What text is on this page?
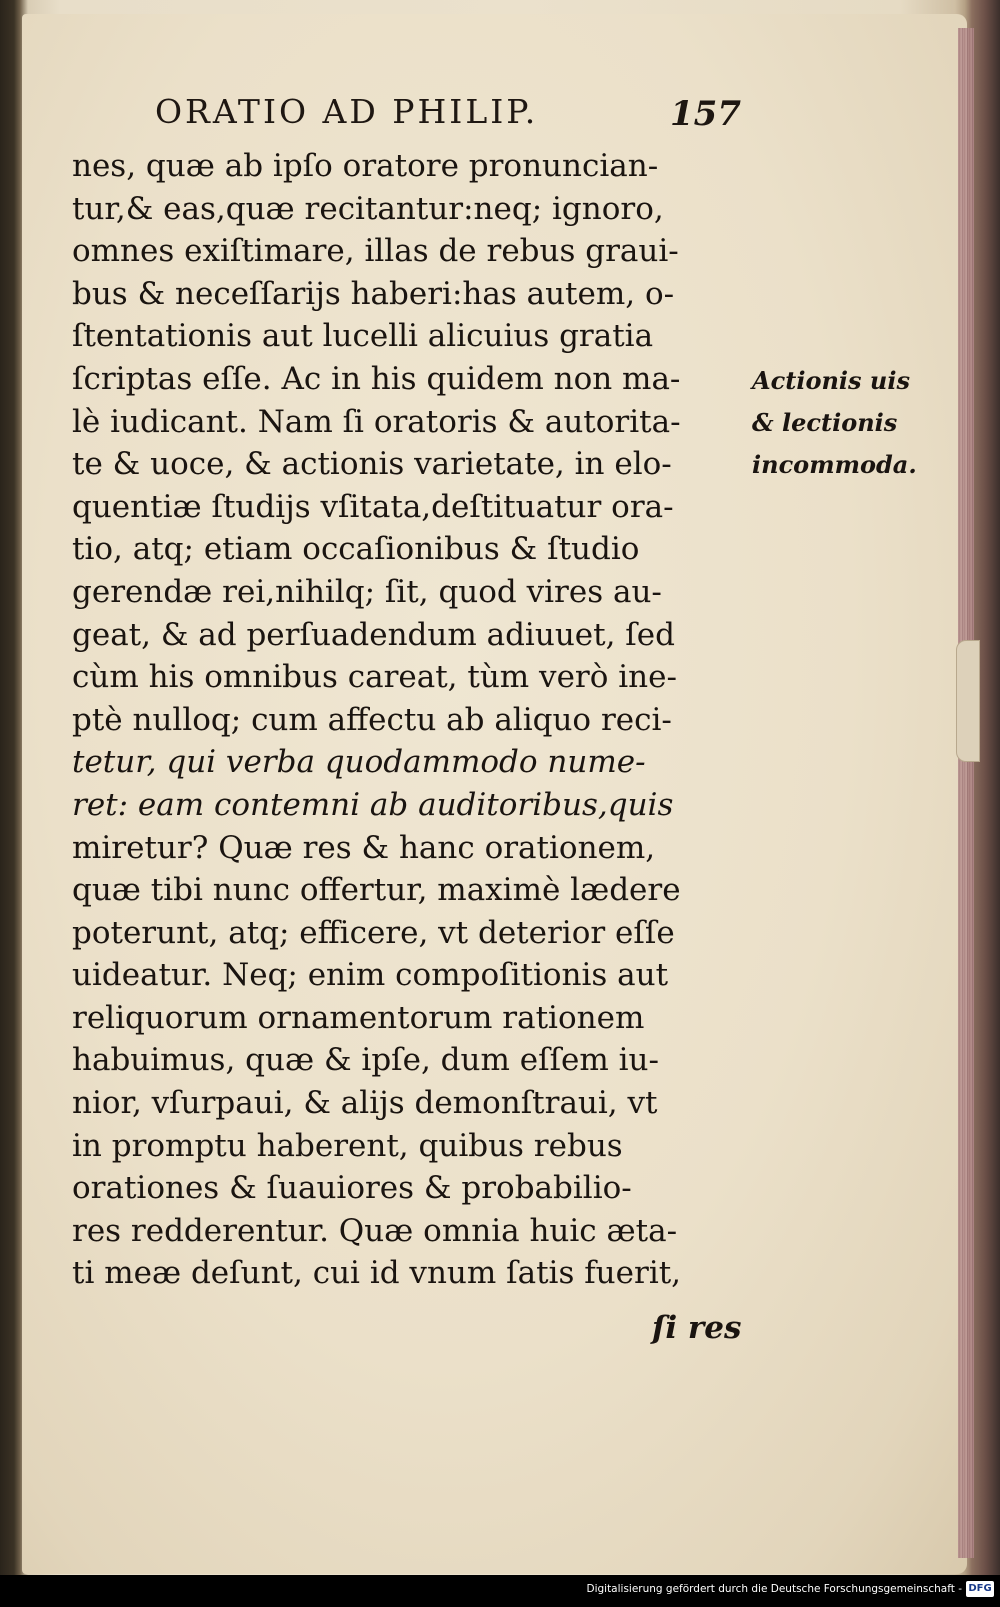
ORATIO AD PHILIP.	157
nes, quæ ab ipſo oratore pronuncian-
tur,& eas,quæ recitantur:neq; ignoro,
omnes exiſtimare, illas de rebus graui-
bus & neceſſarijs haberi:has autem, o-
ſtentationis aut lucelli alicuius gratia
ſcriptas eſſe. Ac in his quidem non ma-
lè iudicant. Nam ſi oratoris & autorita-
te & uoce, & actionis varietate, in elo-
quentiæ ſtudijs vſitata,deſtituatur ora-
tio, atq; etiam occaſionibus & ſtudio
gerendæ rei,nihilq; ſit, quod vires au-
geat, & ad perſuadendum adiuuet, ſed
cùm his omnibus careat, tùm verò ine-
ptè nulloq; cum affectu ab aliquo reci-
tetur, qui verba quodammodo nume-
ret: eam contemni ab auditoribus,quis
miretur? Quæ res & hanc orationem,
quæ tibi nunc offertur, maximè lædere
poterunt, atq; efficere, vt deterior eſſe
uideatur. Neq; enim compoſitionis aut
reliquorum ornamentorum rationem
habuimus, quæ & ipſe, dum eſſem iu-
nior, vſurpaui, & alijs demonſtraui, vt
in promptu haberent, quibus rebus
orationes & ſuauiores & probabilio-
res redderentur. Quæ omnia huic æta-
ti meæ deſunt, cui id vnum ſatis fuerit,
ſi res
Actionis uis
& lectionis
incommoda.
Digitalisierung gefördert durch die Deutsche Forschungsgemeinschaft - DFG
